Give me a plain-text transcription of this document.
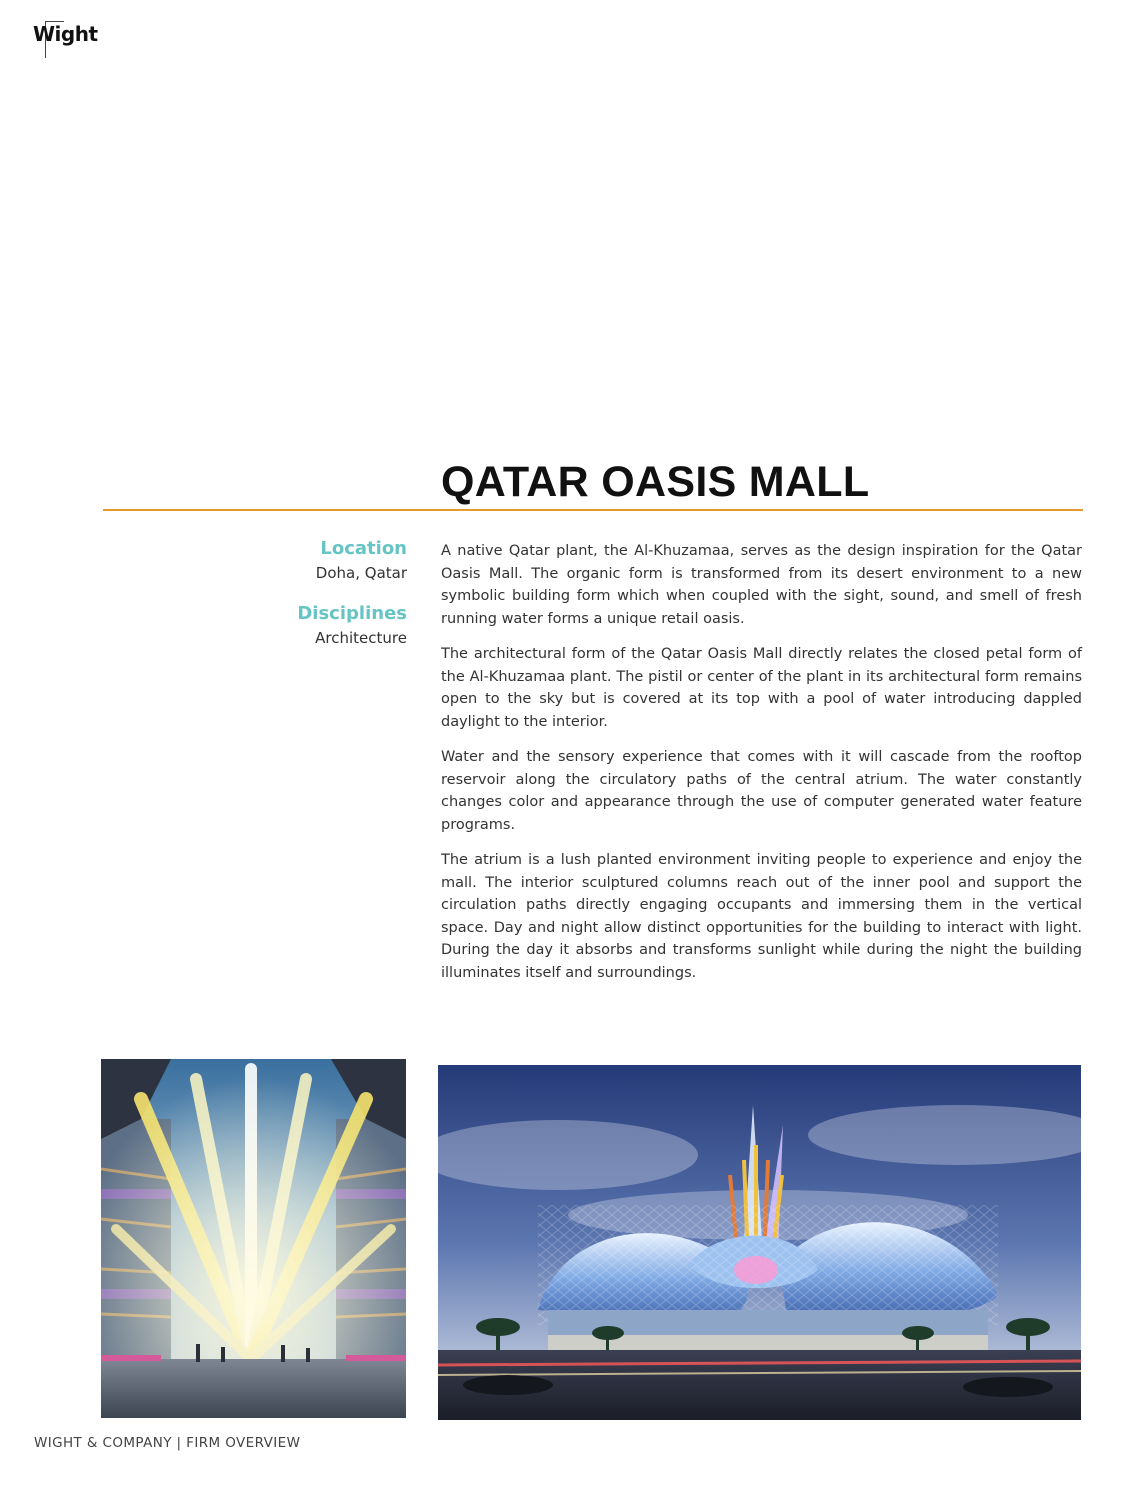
Wight
QATAR OASIS MALL
Location
Doha, Qatar
Disciplines
Architecture

A native Qatar plant, the Al-Khuzamaa, serves as the design inspiration for the Qatar Oasis Mall. The organic form is transformed from its desert environment to a new symbolic building form which when coupled with the sight, sound, and smell of fresh running water forms a unique retail oasis.

The architectural form of the Qatar Oasis Mall directly relates the closed petal form of the Al-Khuzamaa plant. The pistil or center of the plant in its architectural form remains open to the sky but is covered at its top with a pool of water introducing dappled daylight to the interior.

Water and the sensory experience that comes with it will cascade from the rooftop reservoir along the circulatory paths of the central atrium. The water constantly changes color and appearance through the use of computer generated water feature programs.

The atrium is a lush planted environment inviting people to experience and enjoy the mall. The interior sculptured columns reach out of the inner pool and support the circulation paths directly engaging occupants and immersing them in the vertical space. Day and night allow distinct opportunities for the building to interact with light. During the day it absorbs and transforms sunlight while during the night the building illuminates itself and surroundings.

WIGHT & COMPANY | FIRM OVERVIEW
